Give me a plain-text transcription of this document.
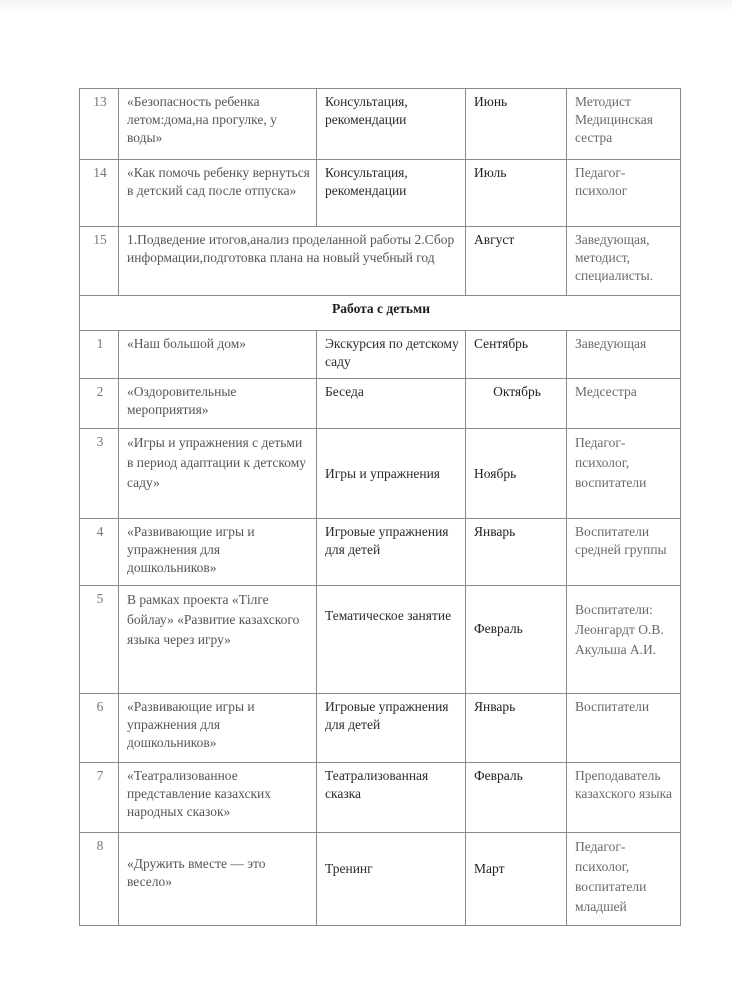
13	«Безопасность ребенка летом:дома,на прогулке, у воды»	Консультация, рекомендации	Июнь	Методист Медицинская сестра
14	«Как помочь ребенку вернуться в детский сад после отпуска»	Консультация, рекомендации	Июль	Педагог-психолог
15	1.Подведение итогов,анализ проделанной работы 2.Сбор информации,подготовка плана на новый учебный год		Август	Заведующая, методист, специалисты.
Работа с детьми				
1	«Наш большой дом»	Экскурсия по детскому саду	Сентябрь	Заведующая
2	«Оздоровительные мероприятия»	Беседа	Октябрь	Медсестра
3	«Игры и упражнения с детьми в период адаптации к детскому саду»	Игры и упражнения	Ноябрь	Педагог-психолог, воспитатели
4	«Развивающие игры и упражнения для дошкольников»	Игровые упражнения для детей	Январь	Воспитатели средней группы
5	В рамках проекта «Тілге бойлау» «Развитие казахского языка через игру»	Тематическое занятие	Февраль	Воспитатели: Леонгардт О.В. Акульша А.И.
6	«Развивающие игры и упражнения для дошкольников»	Игровые упражнения для детей	Январь	Воспитатели
7	«Театрализованное представление казахских народных сказок»	Театрализованная сказка	Февраль	Преподаватель казахского языка
8	«Дружить вместе — это весело»	Тренинг	Март	Педагог-психолог, воспитатели младшей
